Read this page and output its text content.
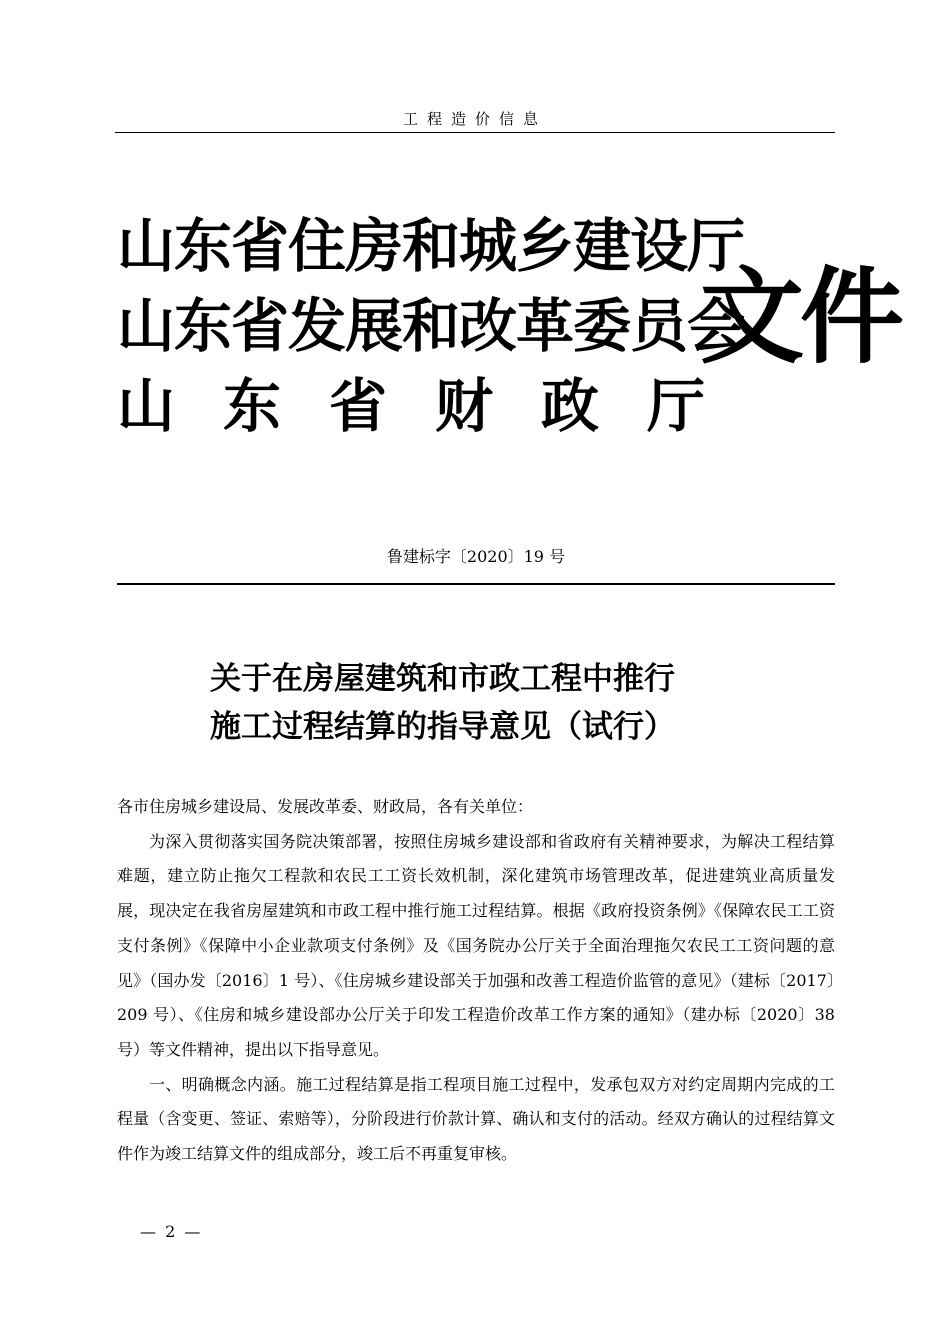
工程造价信息
山东省住房和城乡建设厅
山东省发展和改革委员会
山东省财政厅
文件
鲁建标字〔2020〕19 号
关于在房屋建筑和市政工程中推行
施工过程结算的指导意见（试行）

各市住房城乡建设局、发展改革委、财政局，各有关单位：

为深入贯彻落实国务院决策部署，按照住房城乡建设部和省政府有关精神要求，为解决工程结算难题，建立防止拖欠工程款和农民工工资长效机制，深化建筑市场管理改革，促进建筑业高质量发展，现决定在我省房屋建筑和市政工程中推行施工过程结算。根据《政府投资条例》《保障农民工工资支付条例》《保障中小企业款项支付条例》及《国务院办公厅关于全面治理拖欠农民工工资问题的意见》（国办发〔2016〕1 号）、《住房城乡建设部关于加强和改善工程造价监管的意见》（建标〔2017〕209 号）、《住房和城乡建设部办公厅关于印发工程造价改革工作方案的通知》（建办标〔2020〕38 号）等文件精神，提出以下指导意见。

一、明确概念内涵。施工过程结算是指工程项目施工过程中，发承包双方对约定周期内完成的工程量（含变更、签证、索赔等），分阶段进行价款计算、确认和支付的活动。经双方确认的过程结算文件作为竣工结算文件的组成部分，竣工后不再重复审核。

— 2 —
